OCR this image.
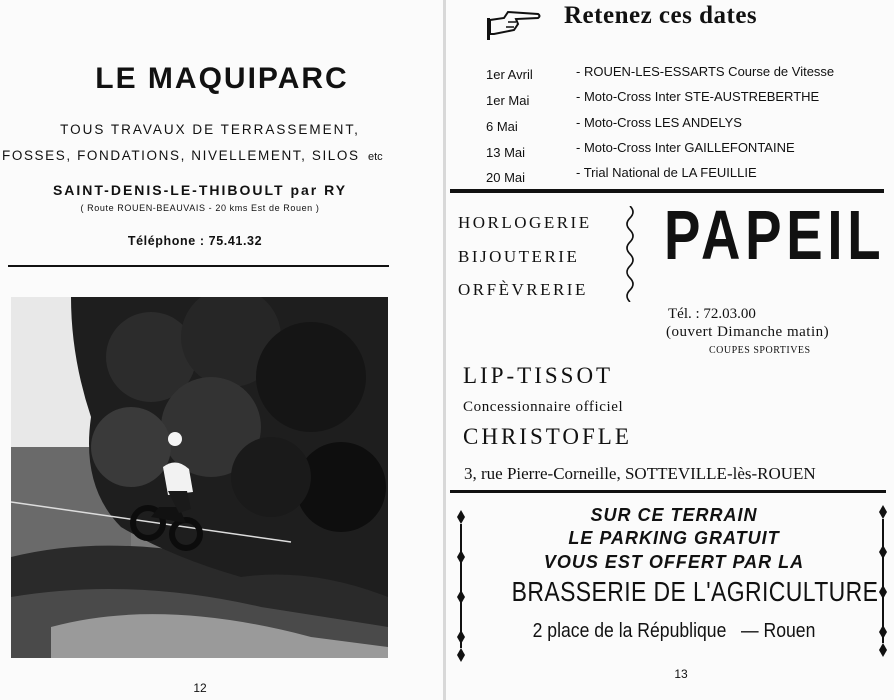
LE MAQUIPARC
TOUS TRAVAUX DE TERRASSEMENT,
FOSSES, FONDATIONS, NIVELLEMENT, SILOS etc
SAINT-DENIS-LE-THIBOULT par RY
( Route ROUEN-BEAUVAIS - 20 kms Est de Rouen )
Téléphone : 75.41.32
12
Retenez ces dates
1er Avril	- ROUEN-LES-ESSARTS Course de Vitesse
1er Mai	- Moto-Cross Inter STE-AUSTREBERTHE
6 Mai	- Moto-Cross LES ANDELYS
13 Mai	- Moto-Cross Inter GAILLEFONTAINE
20 Mai	- Trial National de LA FEUILLIE
HORLOGERIE
BIJOUTERIE
ORFÈVRERIE
PAPEIL
Tél. : 72.03.00
(ouvert Dimanche matin)
COUPES SPORTIVES
LIP-TISSOT
Concessionnaire officiel
CHRISTOFLE
3, rue Pierre-Corneille, SOTTEVILLE-lès-ROUEN
SUR CE TERRAIN
LE PARKING GRATUIT
VOUS EST OFFERT PAR LA
BRASSERIE DE L'AGRICULTURE
2 place de la République   — Rouen
13
